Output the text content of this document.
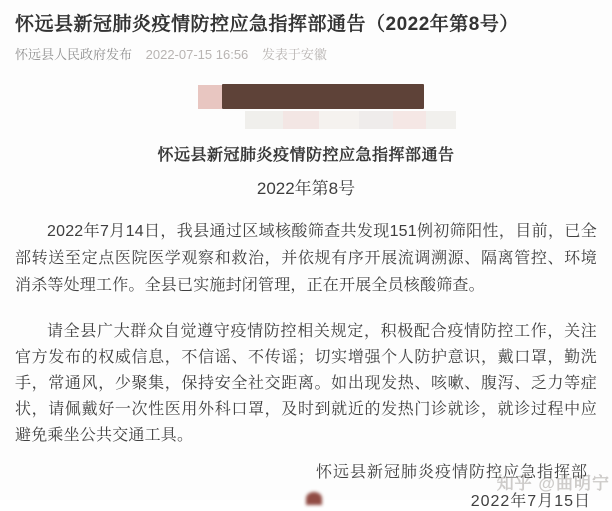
怀远县新冠肺炎疫情防控应急指挥部通告（2022年第8号）
怀远县人民政府发布 2022-07-15 16:56 发表于安徽
怀远县新冠肺炎疫情防控应急指挥部通告
2022年第8号

2022年7月14日，我县通过区域核酸筛查共发现151例初筛阳性，目前，已全部转送至定点医院医学观察和救治，并依规有序开展流调溯源、隔离管控、环境消杀等处理工作。全县已实施封闭管理，正在开展全员核酸筛查。

请全县广大群众自觉遵守疫情防控相关规定，积极配合疫情防控工作，关注官方发布的权威信息，不信谣、不传谣；切实增强个人防护意识，戴口罩，勤洗手，常通风，少聚集，保持安全社交距离。如出现发热、咳嗽、腹泻、乏力等症状，请佩戴好一次性医用外科口罩，及时到就近的发热门诊就诊，就诊过程中应避免乘坐公共交通工具。

怀远县新冠肺炎疫情防控应急指挥部
2022年7月15日
知乎 @曲明宁
